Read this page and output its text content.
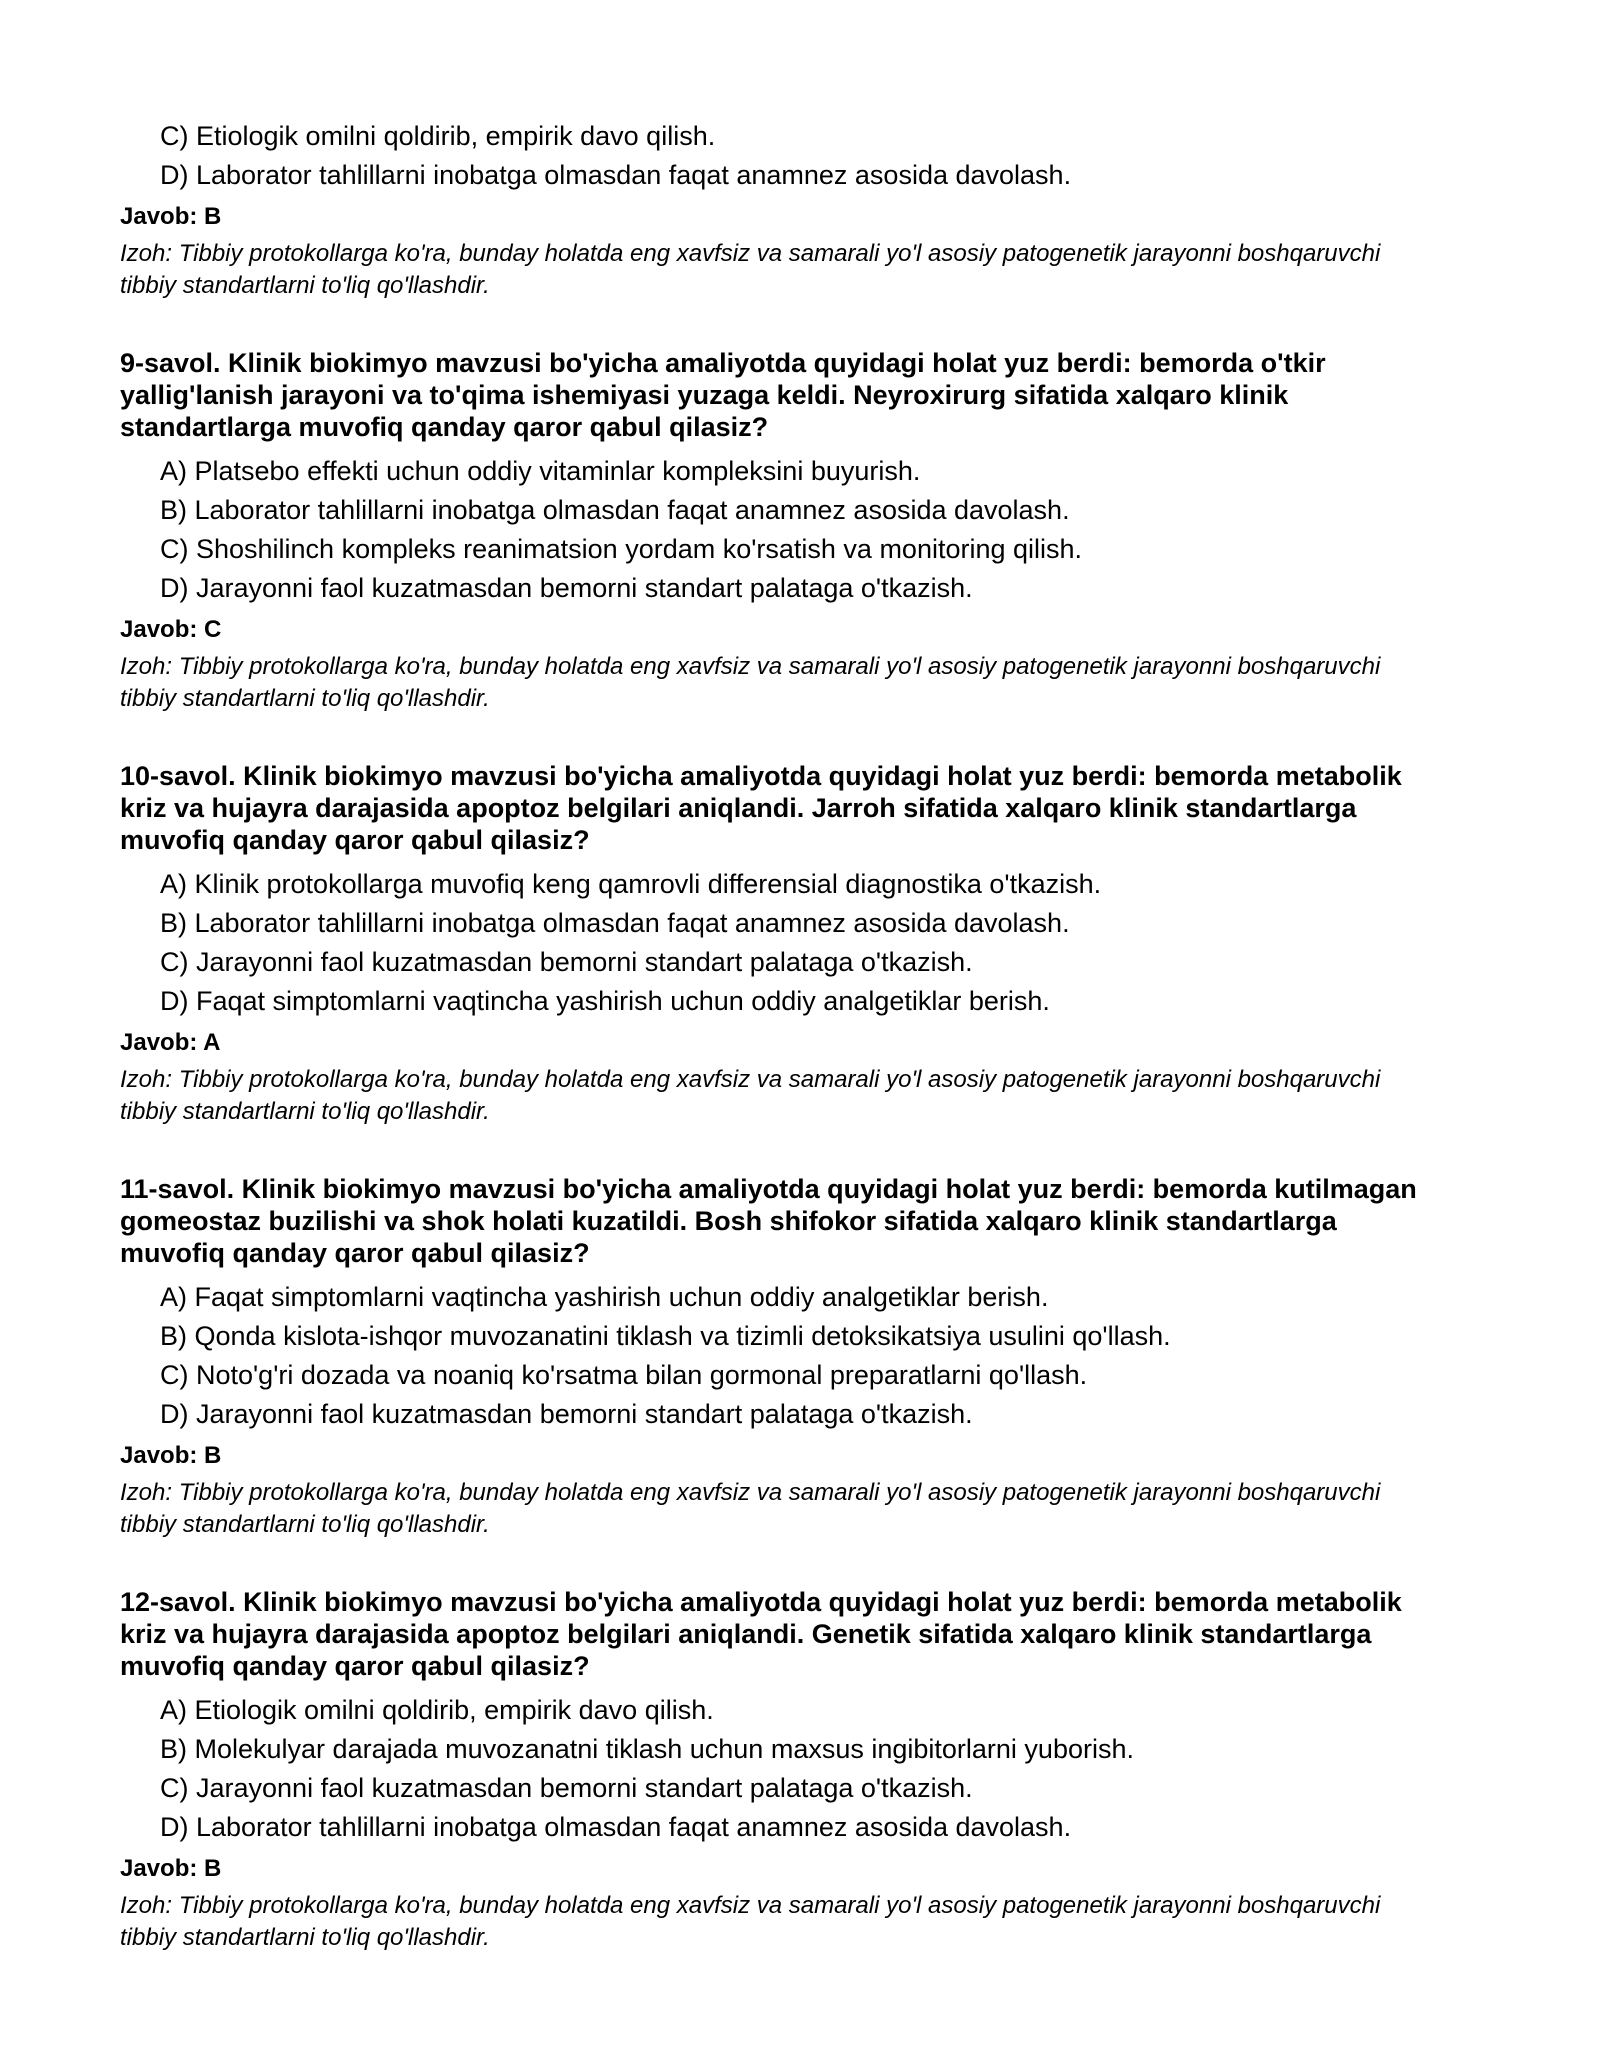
C) Etiologik omilni qoldirib, empirik davo qilish.
D) Laborator tahlillarni inobatga olmasdan faqat anamnez asosida davolash.
Javob: B
Izoh: Tibbiy protokollarga ko'ra, bunday holatda eng xavfsiz va samarali yo'l asosiy patogenetik jarayonni boshqaruvchi tibbiy standartlarni to'liq qo'llashdir.
9-savol. Klinik biokimyo mavzusi bo'yicha amaliyotda quyidagi holat yuz berdi: bemorda o'tkir yallig'lanish jarayoni va to'qima ishemiyasi yuzaga keldi. Neyroxirurg sifatida xalqaro klinik standartlarga muvofiq qanday qaror qabul qilasiz?
A) Platsebo effekti uchun oddiy vitaminlar kompleksini buyurish.
B) Laborator tahlillarni inobatga olmasdan faqat anamnez asosida davolash.
C) Shoshilinch kompleks reanimatsion yordam ko'rsatish va monitoring qilish.
D) Jarayonni faol kuzatmasdan bemorni standart palataga o'tkazish.
Javob: C
Izoh: Tibbiy protokollarga ko'ra, bunday holatda eng xavfsiz va samarali yo'l asosiy patogenetik jarayonni boshqaruvchi tibbiy standartlarni to'liq qo'llashdir.
10-savol. Klinik biokimyo mavzusi bo'yicha amaliyotda quyidagi holat yuz berdi: bemorda metabolik kriz va hujayra darajasida apoptoz belgilari aniqlandi. Jarroh sifatida xalqaro klinik standartlarga muvofiq qanday qaror qabul qilasiz?
A) Klinik protokollarga muvofiq keng qamrovli differensial diagnostika o'tkazish.
B) Laborator tahlillarni inobatga olmasdan faqat anamnez asosida davolash.
C) Jarayonni faol kuzatmasdan bemorni standart palataga o'tkazish.
D) Faqat simptomlarni vaqtincha yashirish uchun oddiy analgetiklar berish.
Javob: A
Izoh: Tibbiy protokollarga ko'ra, bunday holatda eng xavfsiz va samarali yo'l asosiy patogenetik jarayonni boshqaruvchi tibbiy standartlarni to'liq qo'llashdir.
11-savol. Klinik biokimyo mavzusi bo'yicha amaliyotda quyidagi holat yuz berdi: bemorda kutilmagan gomeostaz buzilishi va shok holati kuzatildi. Bosh shifokor sifatida xalqaro klinik standartlarga muvofiq qanday qaror qabul qilasiz?
A) Faqat simptomlarni vaqtincha yashirish uchun oddiy analgetiklar berish.
B) Qonda kislota-ishqor muvozanatini tiklash va tizimli detoksikatsiya usulini qo'llash.
C) Noto'g'ri dozada va noaniq ko'rsatma bilan gormonal preparatlarni qo'llash.
D) Jarayonni faol kuzatmasdan bemorni standart palataga o'tkazish.
Javob: B
Izoh: Tibbiy protokollarga ko'ra, bunday holatda eng xavfsiz va samarali yo'l asosiy patogenetik jarayonni boshqaruvchi tibbiy standartlarni to'liq qo'llashdir.
12-savol. Klinik biokimyo mavzusi bo'yicha amaliyotda quyidagi holat yuz berdi: bemorda metabolik kriz va hujayra darajasida apoptoz belgilari aniqlandi. Genetik sifatida xalqaro klinik standartlarga muvofiq qanday qaror qabul qilasiz?
A) Etiologik omilni qoldirib, empirik davo qilish.
B) Molekulyar darajada muvozanatni tiklash uchun maxsus ingibitorlarni yuborish.
C) Jarayonni faol kuzatmasdan bemorni standart palataga o'tkazish.
D) Laborator tahlillarni inobatga olmasdan faqat anamnez asosida davolash.
Javob: B
Izoh: Tibbiy protokollarga ko'ra, bunday holatda eng xavfsiz va samarali yo'l asosiy patogenetik jarayonni boshqaruvchi tibbiy standartlarni to'liq qo'llashdir.
